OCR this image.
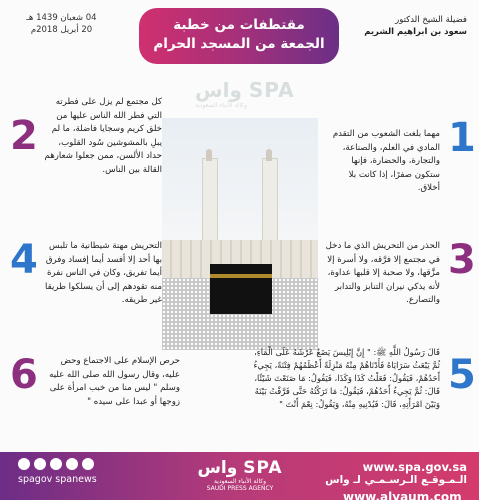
04 شعبان 1439 هـ
20 أبريل 2018م	مقتطفات من خطبة
الجمعة من المسجد الحرام
فضيلة الشيخ الدكتور
سعود بن ابراهيم الشريم
واس SPA
وكالة الأنباء السعودية
1
مهما بلغت الشعوب من التقدم المادي في العلم، والصناعة، والتجارة، والحضارة، فإنها ستكون صفرًا، إذا كانت بلا أخلاق.
2
كل مجتمع لم يزل على فطرته التي فطر الله الناس عليها من خلق كريم وسجايا فاضلة، ما لم يبلِ بالمشوشين سُود القلوب، حداد الألسن، ممن جعلوا شعارهم القالة بين الناس.
3
الحذر من التحريش الذي ما دخل في مجتمع إلا فرَّقه، ولا أسرة إلا مزَّقها، ولا صحبة إلا قلبها عداوة، لأنه يذكي نيران التنابز والتدابر والتصارع.
4	التحريش مهنة شيطانية ما تلبس بها أحد إلا أفسد أيما إفساد وفرق أيما تفريق، وكان في الناس نفرة منه تقودهم إلى أن يسلكوا طريقا غير طريقه.
5
قَالَ رَسُولُ اللَّهِ ﷺ: " إِنَّ إِبْلِيسَ يَضَعُ عَرْشَهُ عَلَى الْمَاءِ، ثُمَّ يَبْعَثُ سَرَايَاهُ فَأَدْنَاهُمْ مِنْهُ مَنْزِلَةً أَعْظَمُهُمْ فِتْنَةً، يَجِيءُ أَحَدُهُمْ، فَيَقُولُ: فَعَلْتُ كَذَا وَكَذَا، فَيَقُولُ: مَا صَنَعْتَ شَيْئًا، قَالَ: ثُمَّ يَجِيءُ أَحَدُهُمْ، فَيَقُولُ: مَا تَرَكْتُهُ حَتَّى فَرَّقْتُ بَيْنَهُ وَبَيْنَ امْرَأَتِهِ، قَالَ: فَيُدْنِيهِ مِنْهُ، وَيَقُولُ: نِعْمَ أَنْتَ "
6	حرص الإسلام على الاجتماع وحض عليه، وقال رسول الله صلى الله عليه وسلم " ليس منا من خبب امرأة على زوجها أو عبدا على سيده "
spagov spanews
واس SPA
وكالة الأنباء السعودية
SAUDI PRESS AGENCY
www.spa.gov.sa
الـمـوقـع الـرسـمـي لـ واس
www.alyaum.com
